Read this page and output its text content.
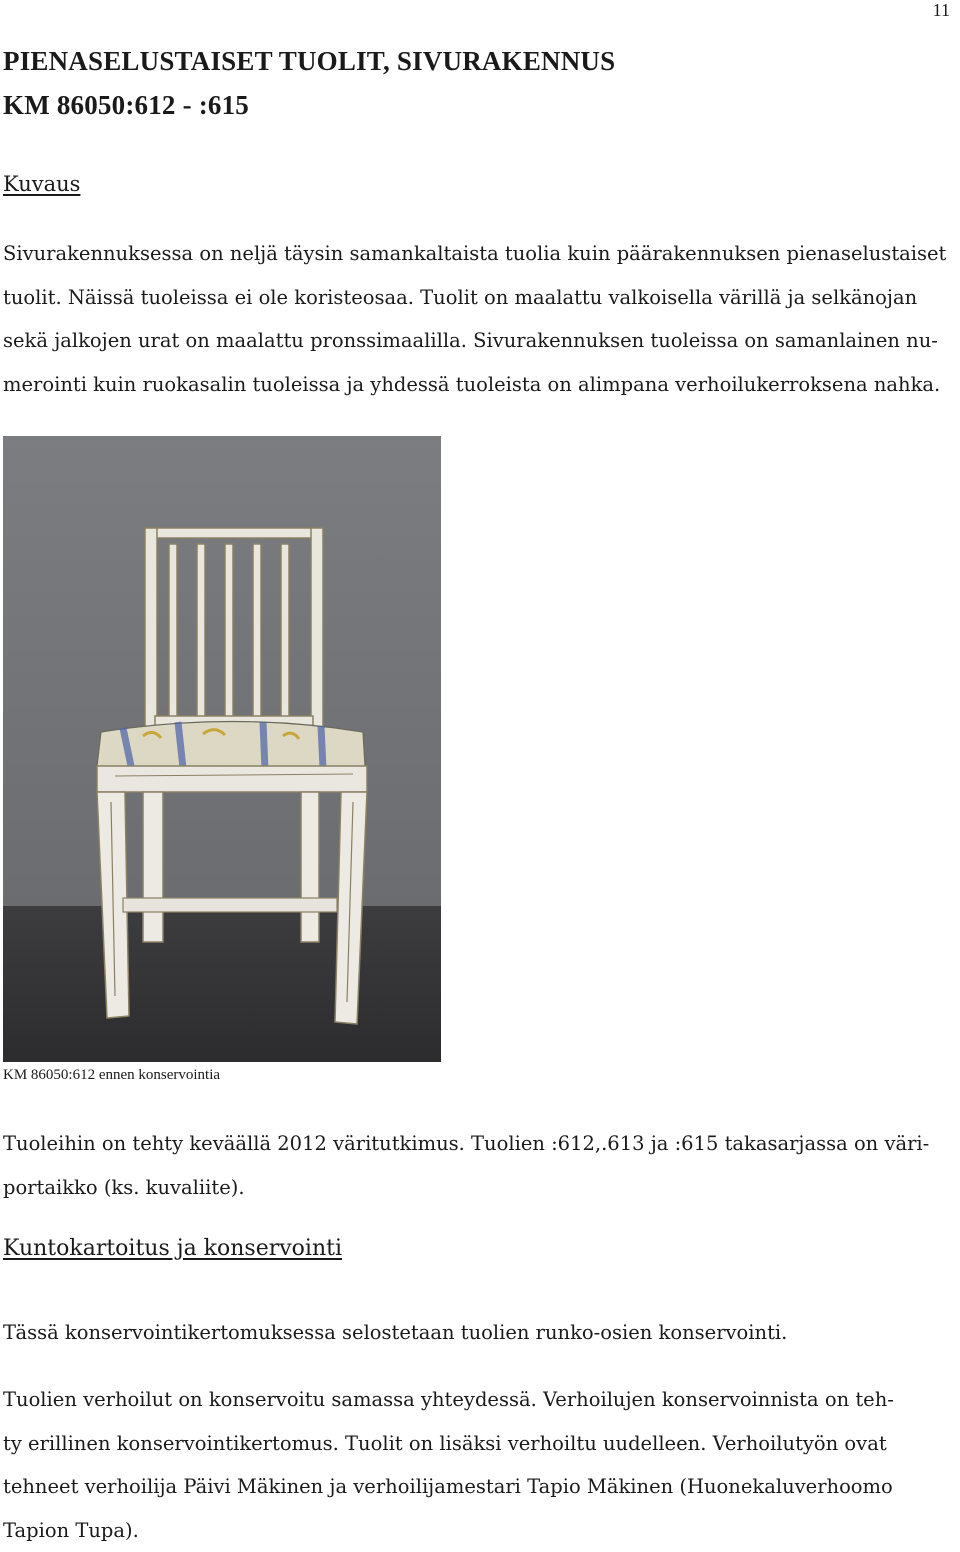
11
PIENASELUSTAISET TUOLIT, SIVURAKENNUS
KM 86050:612 - :615
Kuvaus

Sivurakennuksessa on neljä täysin samankaltaista tuolia kuin päärakennuksen pienaselustaiset

tuolit. Näissä tuoleissa ei ole koristeosaa. Tuolit on maalattu valkoisella värillä ja selkänojan

sekä jalkojen urat on maalattu pronssimaalilla. Sivurakennuksen tuoleissa on samanlainen nu-

merointi kuin ruokasalin tuoleissa ja yhdessä tuoleista on alimpana verhoilukerroksena nahka.

KM 86050:612 ennen konservointia

Tuoleihin on tehty keväällä 2012 väritutkimus. Tuolien :612,.613 ja :615 takasarjassa on väri-

portaikko (ks. kuvaliite).

Kuntokartoitus ja konservointi

Tässä konservointikertomuksessa selostetaan tuolien runko-osien konservointi.

Tuolien verhoilut on konservoitu samassa yhteydessä. Verhoilujen konservoinnista on teh-

ty erillinen konservointikertomus. Tuolit on lisäksi verhoiltu uudelleen. Verhoilutyön ovat

tehneet verhoilija Päivi Mäkinen ja verhoilijamestari Tapio Mäkinen (Huonekaluverhoomo

Tapion Tupa).
